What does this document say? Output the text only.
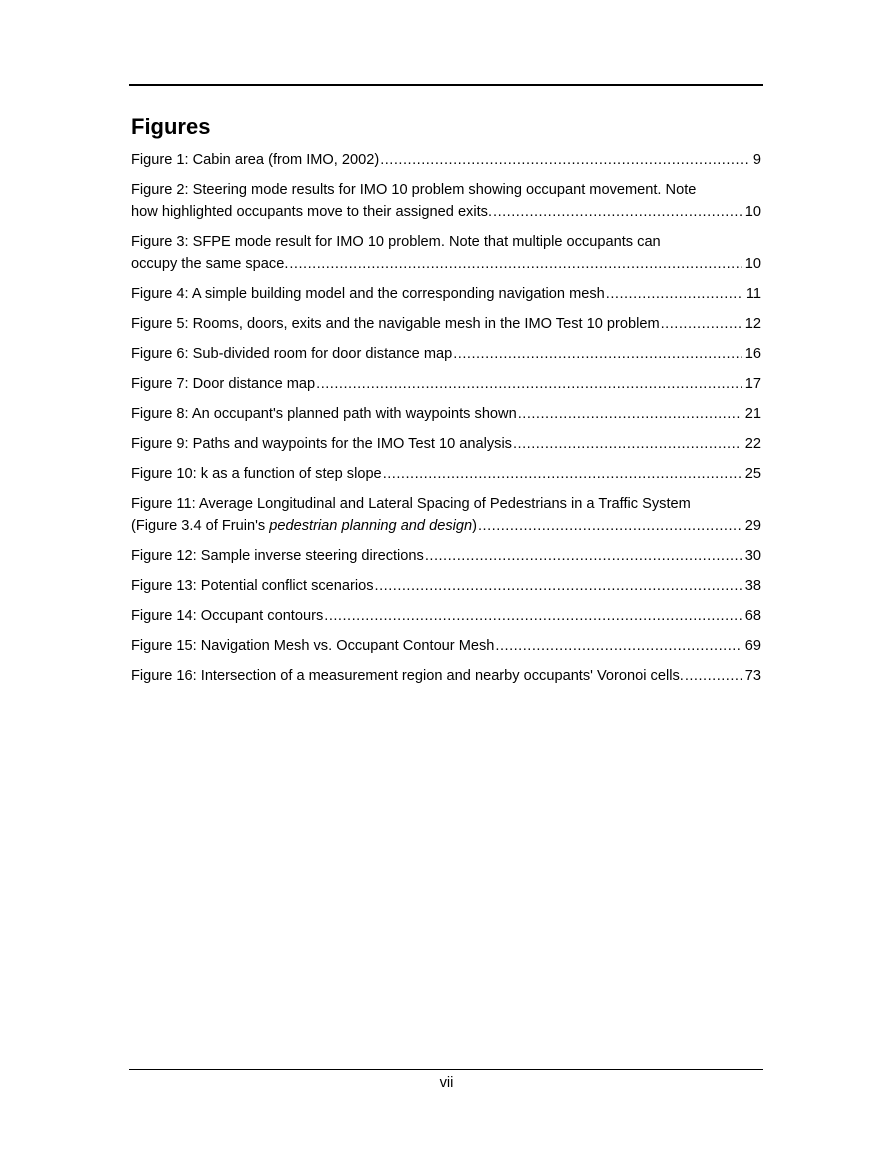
Figures
Figure 1: Cabin area (from IMO, 2002) .....	9
Figure 2: Steering mode results for IMO 10 problem showing occupant movement. Note
how highlighted occupants move to their assigned exits. .....	10
Figure 3: SFPE mode result for IMO 10 problem. Note that multiple occupants can
occupy the same space. .....	10
Figure 4: A simple building model and the corresponding navigation mesh .....	11
Figure 5: Rooms, doors, exits and the navigable mesh in the IMO Test 10 problem .....	12
Figure 6: Sub-divided room for door distance map .....	16
Figure 7: Door distance map .....	17
Figure 8: An occupant's planned path with waypoints shown .....	21
Figure 9: Paths and waypoints for the IMO Test 10 analysis .....	22
Figure 10: k as a function of step slope .....	25
Figure 11: Average Longitudinal and Lateral Spacing of Pedestrians in a Traffic System
(Figure 3.4 of Fruin's pedestrian planning and design) .....	29
Figure 12: Sample inverse steering directions .....	30
Figure 13: Potential conflict scenarios .....	38
Figure 14: Occupant contours .....	68
Figure 15: Navigation Mesh vs. Occupant Contour Mesh .....	69
Figure 16: Intersection of a measurement region and nearby occupants' Voronoi cells. .....	73
vii
